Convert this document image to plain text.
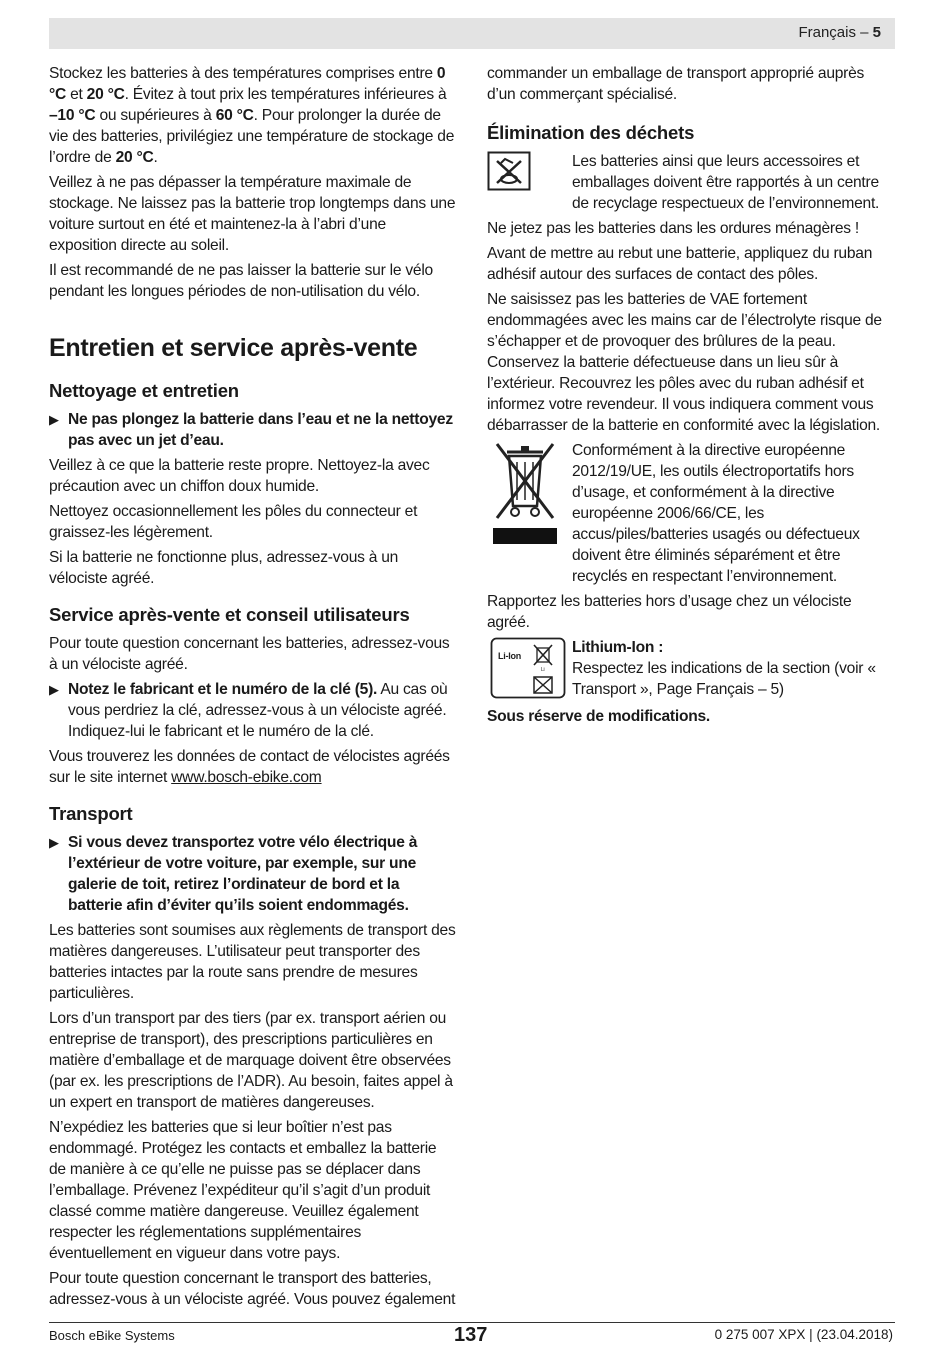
Français – 5

Stockez les batteries à des températures comprises entre 0 °C et 20 °C. Évitez à tout prix les températures inférieures à –10 °C ou supérieures à 60 °C. Pour prolonger la durée de vie des batteries, privilégiez une température de stockage de l’ordre de 20 °C.

Veillez à ne pas dépasser la température maximale de stockage. Ne laissez pas la batterie trop longtemps dans une voiture surtout en été et maintenez-la à l’abri d’une exposition directe au soleil.

Il est recommandé de ne pas laisser la batterie sur le vélo pendant les longues périodes de non-utilisation du vélo.

Entretien et service après-vente
Nettoyage et entretien
▶ Ne pas plongez la batterie dans l’eau et ne la nettoyez pas avec un jet d’eau.

Veillez à ce que la batterie reste propre. Nettoyez-la avec précaution avec un chiffon doux humide.

Nettoyez occasionnellement les pôles du connecteur et graissez-les légèrement.

Si la batterie ne fonctionne plus, adressez-vous à un vélociste agréé.

Service après-vente et conseil utilisateurs

Pour toute question concernant les batteries, adressez-vous à un vélociste agréé.

▶ Notez le fabricant et le numéro de la clé (5). Au cas où vous perdriez la clé, adressez-vous à un vélociste agréé. Indiquez-lui le fabricant et le numéro de la clé.

Vous trouverez les données de contact de vélocistes agréés sur le site internet www.bosch-ebike.com

Transport
▶ Si vous devez transportez votre vélo électrique à l’extérieur de votre voiture, par exemple, sur une galerie de toit, retirez l’ordinateur de bord et la batterie afin d’éviter qu’ils soient endommagés.

Les batteries sont soumises aux règlements de transport des matières dangereuses. L’utilisateur peut transporter des batteries intactes par la route sans prendre de mesures particulières.

Lors d’un transport par des tiers (par ex. transport aérien ou entreprise de transport), des prescriptions particulières en matière d’emballage et de marquage doivent être observées (par ex. les prescriptions de l’ADR). Au besoin, faites appel à un expert en transport de matières dangereuses.

N’expédiez les batteries que si leur boîtier n’est pas endommagé. Protégez les contacts et emballez la batterie de manière à ce qu’elle ne puisse pas se déplacer dans l’emballage. Prévenez l’expéditeur qu’il s’agit d’un produit classé comme matière dangereuse. Veuillez également respecter les réglementations supplémentaires éventuellement en vigueur dans votre pays.

Pour toute question concernant le transport des batteries, adressez-vous à un vélociste agréé. Vous pouvez également

commander un emballage de transport approprié auprès d’un commerçant spécialisé.

Élimination des déchets

Les batteries ainsi que leurs accessoires et emballages doivent être rapportés à un centre de recyclage respectueux de l’environnement.

Ne jetez pas les batteries dans les ordures ménagères !

Avant de mettre au rebut une batterie, appliquez du ruban adhésif autour des surfaces de contact des pôles.

Ne saisissez pas les batteries de VAE fortement endommagées avec les mains car de l’électrolyte risque de s’échapper et de provoquer des brûlures de la peau. Conservez la batterie défectueuse dans un lieu sûr à l’extérieur. Recouvrez les pôles avec du ruban adhésif et informez votre revendeur. Il vous indiquera comment vous débarrasser de la batterie en conformité avec la législation.

Conformément à la directive européenne 2012/19/UE, les outils électroportatifs hors d’usage, et conformément à la directive européenne 2006/66/CE, les accus/piles/batteries usagés ou défectueux doivent être éliminés séparément et être recyclés en respectant l’environnement.

Rapportez les batteries hors d’usage chez un vélociste agréé.

Li-Ion
Li
Lithium-Ion :
Respectez les indications de la section (voir « Transport », Page Français – 5)

Sous réserve de modifications.

Bosch eBike Systems	137	0 275 007 XPX | (23.04.2018)
